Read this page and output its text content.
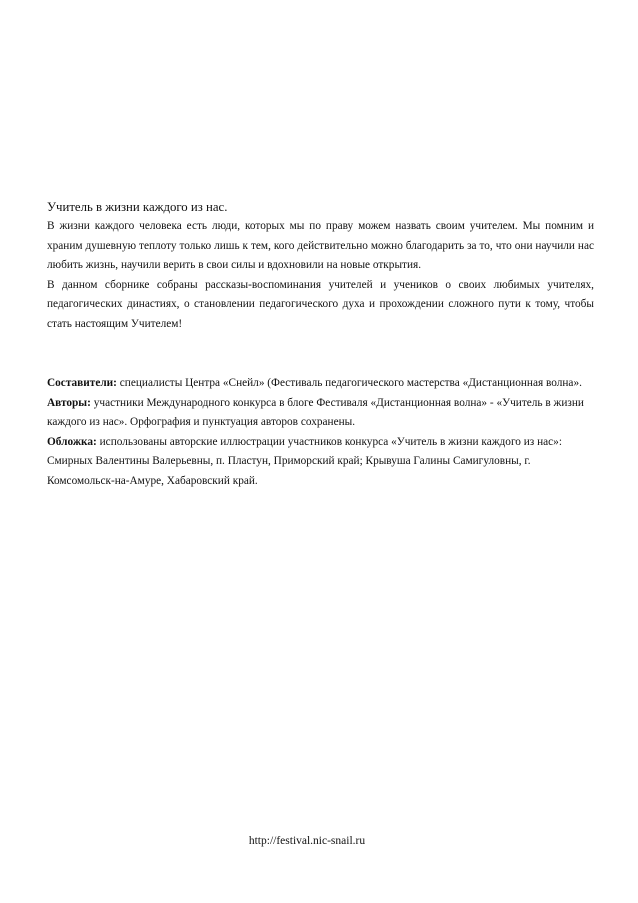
Учитель в жизни каждого из нас.

В жизни каждого человека есть люди, которых мы по праву можем назвать своим учителем. Мы помним и храним душевную теплоту только лишь к тем, кого действительно можно благодарить за то, что они научили нас любить жизнь, научили верить в свои силы и вдохновили на новые открытия.

В данном сборнике собраны рассказы-воспоминания учителей и учеников о своих любимых учителях, педагогических династиях, о становлении педагогического духа и прохождении сложного пути к тому, чтобы стать настоящим Учителем!

Составители: специалисты Центра «Снейл» (Фестиваль педагогического мастерства «Дистанционная волна».

Авторы: участники Международного конкурса в блоге Фестиваля «Дистанционная волна» - «Учитель в жизни каждого из нас». Орфография и пунктуация авторов сохранены.

Обложка: использованы авторские иллюстрации участников конкурса «Учитель в жизни каждого из нас»: Смирных Валентины Валерьевны, п. Пластун, Приморский край; Крывуша Галины Самигуловны, г. Комсомольск-на-Амуре, Хабаровский край.

http://festival.nic-snail.ru
